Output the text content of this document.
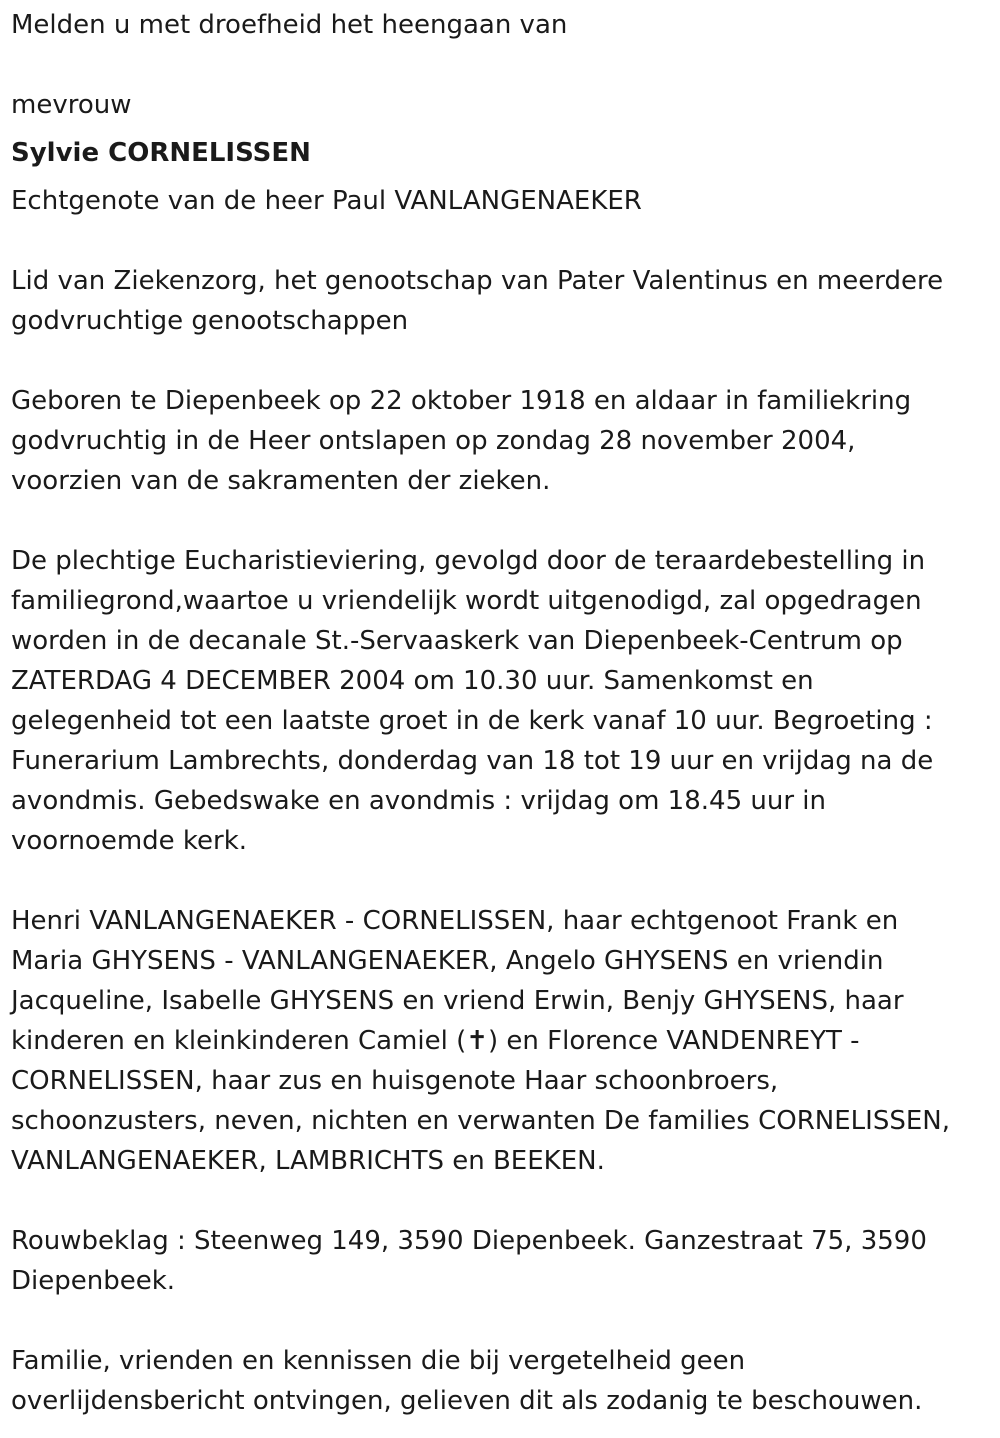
Melden u met droefheid het heengaan van

mevrouw

Sylvie CORNELISSEN

Echtgenote van de heer Paul VANLANGENAEKER

Lid van Ziekenzorg, het genootschap van Pater Valentinus en meerdere godvruchtige genootschappen

Geboren te Diepenbeek op 22 oktober 1918 en aldaar in familiekring godvruchtig in de Heer ontslapen op zondag 28 november 2004, voorzien van de sakramenten der zieken.

De plechtige Eucharistieviering, gevolgd door de teraardebestelling in familiegrond,waartoe u vriendelijk wordt uitgenodigd, zal opgedragen worden in de decanale St.-Servaaskerk van Diepenbeek-Centrum op ZATERDAG 4 DECEMBER 2004 om 10.30 uur. Samenkomst en gelegenheid tot een laatste groet in de kerk vanaf 10 uur. Begroeting : Funerarium Lambrechts, donderdag van 18 tot 19 uur en vrijdag na de avondmis. Gebedswake en avondmis : vrijdag om 18.45 uur in voornoemde kerk.

Henri VANLANGENAEKER - CORNELISSEN, haar echtgenoot Frank en Maria GHYSENS - VANLANGENAEKER, Angelo GHYSENS en vriendin Jacqueline, Isabelle GHYSENS en vriend Erwin, Benjy GHYSENS, haar kinderen en kleinkinderen Camiel (✝) en Florence VANDENREYT - CORNELISSEN, haar zus en huisgenote Haar schoonbroers, schoonzusters, neven, nichten en verwanten De families CORNELISSEN, VANLANGENAEKER, LAMBRICHTS en BEEKEN.

Rouwbeklag : Steenweg 149, 3590 Diepenbeek. Ganzestraat 75, 3590 Diepenbeek.

Familie, vrienden en kennissen die bij vergetelheid geen overlijdensbericht ontvingen, gelieven dit als zodanig te beschouwen.
